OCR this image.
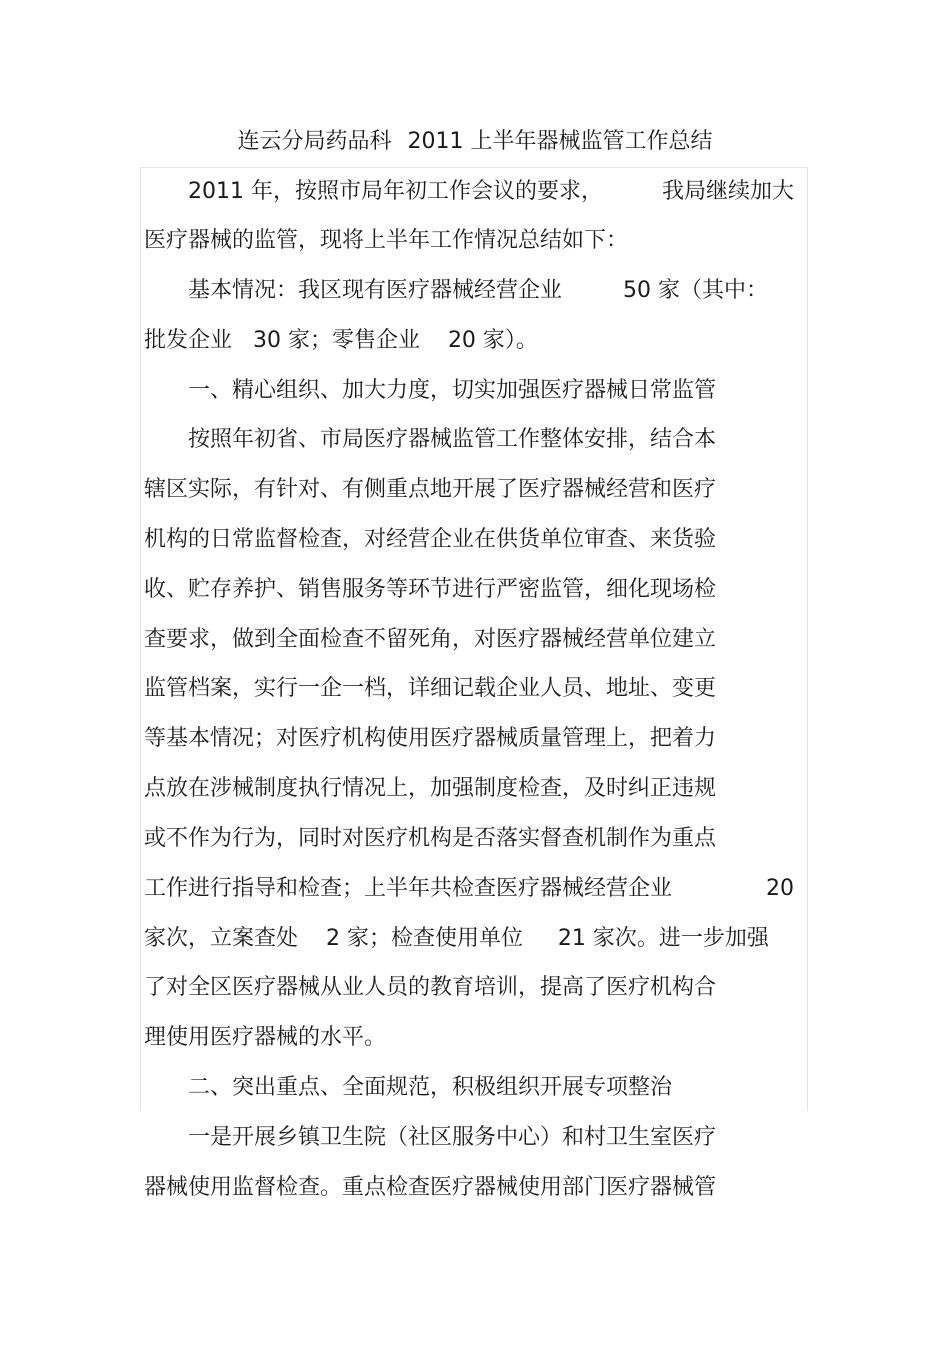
连云分局药品科 2011 上半年器械监管工作总结
　　2011 年，按照市局年初工作会议的要求，	我局继续加大
医疗器械的监管，现将上半年工作情况总结如下：
　　基本情况：我区现有医疗器械经营企业	50 家（其中：
批发企业   30 家；零售企业    20 家）。
　　一、精心组织、加大力度，切实加强医疗器械日常监管
　　按照年初省、市局医疗器械监管工作整体安排，结合本
辖区实际，有针对、有侧重点地开展了医疗器械经营和医疗
机构的日常监督检查，对经营企业在供货单位审查、来货验
收、贮存养护、销售服务等环节进行严密监管，细化现场检
查要求，做到全面检查不留死角，对医疗器械经营单位建立
监管档案，实行一企一档，详细记载企业人员、地址、变更
等基本情况；对医疗机构使用医疗器械质量管理上，把着力
点放在涉械制度执行情况上，加强制度检查，及时纠正违规
或不作为行为，同时对医疗机构是否落实督查机制作为重点
工作进行指导和检查；上半年共检查医疗器械经营企业	20
家次，立案查处    2 家；检查使用单位     21 家次。进一步加强
了对全区医疗器械从业人员的教育培训，提高了医疗机构合
理使用医疗器械的水平。
　　二、突出重点、全面规范，积极组织开展专项整治
　　一是开展乡镇卫生院（社区服务中心）和村卫生室医疗
器械使用监督检查。重点检查医疗器械使用部门医疗器械管
